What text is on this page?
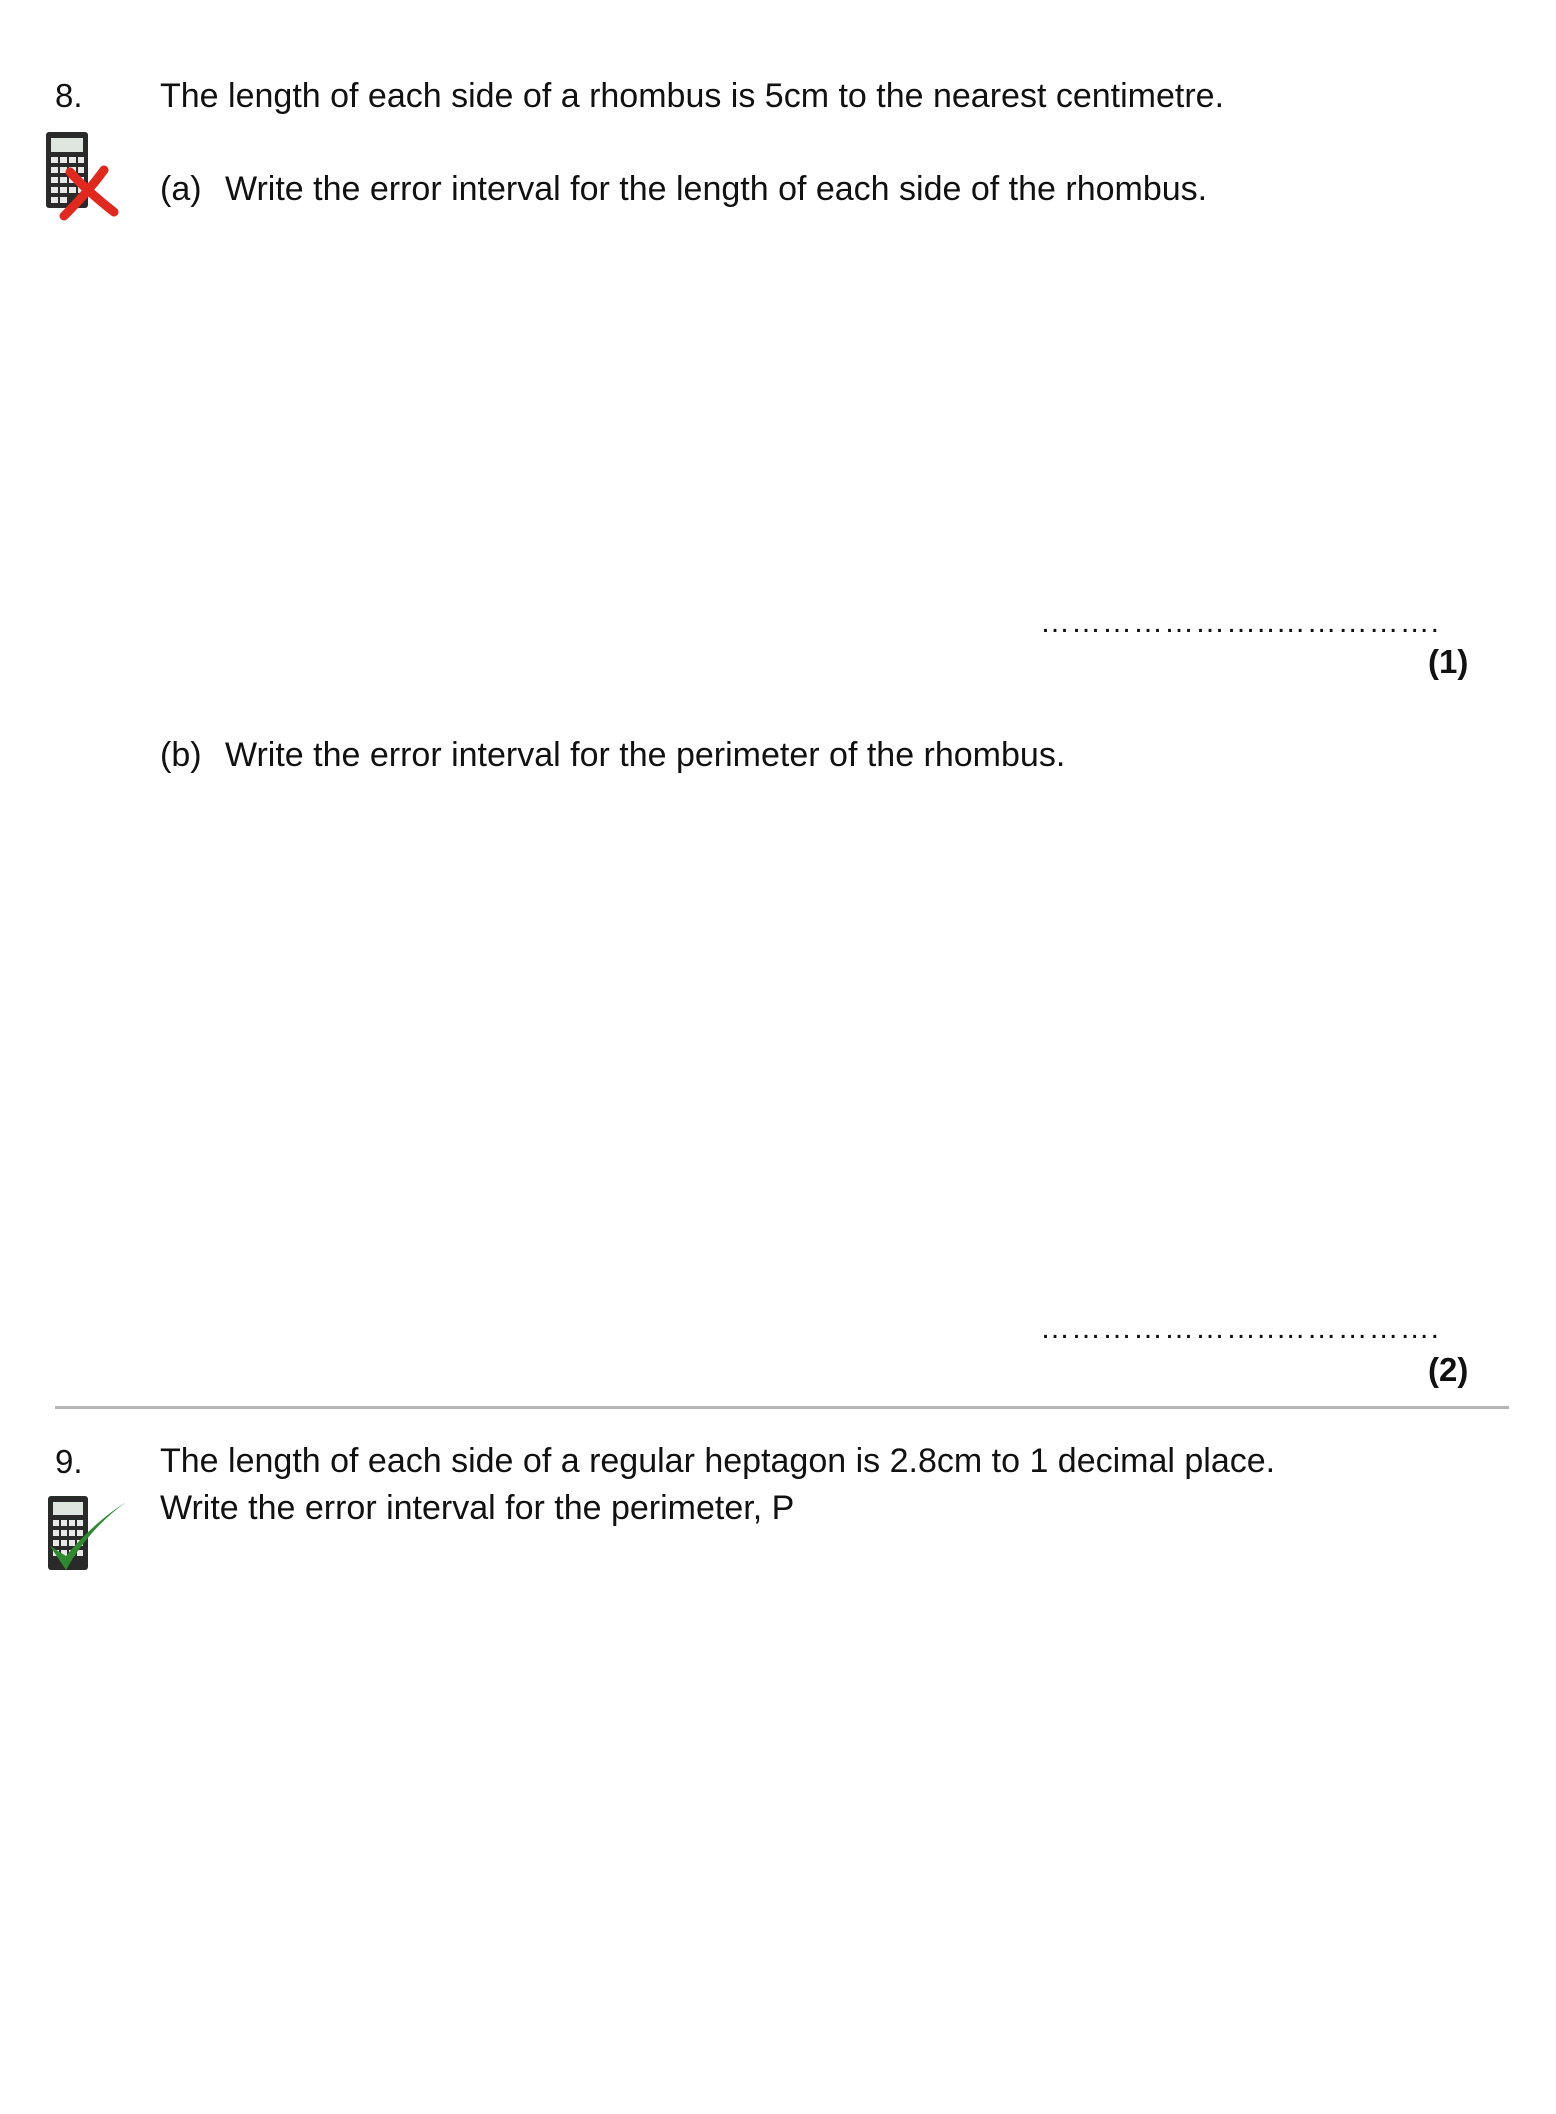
8. The length of each side of a rhombus is 5cm to the nearest centimetre.
(a) Write the error interval for the length of each side of the rhombus.
…………………..…………….
(1)
(b) Write the error interval for the perimeter of the rhombus.
…………………..…………….
(2)
9. The length of each side of a regular heptagon is 2.8cm to 1 decimal place.
Write the error interval for the perimeter, P
